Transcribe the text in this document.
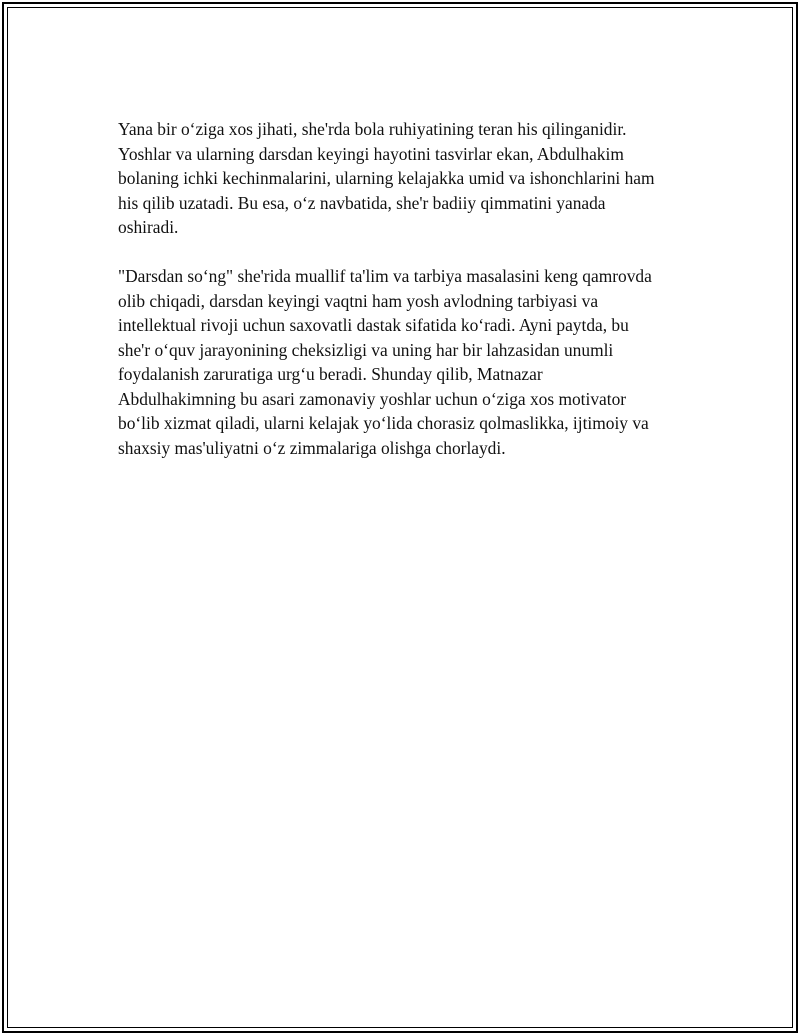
Yana bir o‘ziga xos jihati, she'rda bola ruhiyatining teran his qilinganidir.
Yoshlar va ularning darsdan keyingi hayotini tasvirlar ekan, Abdulhakim
bolaning ichki kechinmalarini, ularning kelajakka umid va ishonchlarini ham
his qilib uzatadi. Bu esa, o‘z navbatida, she'r badiiy qimmatini yanada
oshiradi.

"Darsdan so‘ng" she'rida muallif ta'lim va tarbiya masalasini keng qamrovda
olib chiqadi, darsdan keyingi vaqtni ham yosh avlodning tarbiyasi va
intellektual rivoji uchun saxovatli dastak sifatida ko‘radi. Ayni paytda, bu
she'r o‘quv jarayonining cheksizligi va uning har bir lahzasidan unumli
foydalanish zaruratiga urg‘u beradi. Shunday qilib, Matnazar
Abdulhakimning bu asari zamonaviy yoshlar uchun o‘ziga xos motivator
bo‘lib xizmat qiladi, ularni kelajak yo‘lida chorasiz qolmaslikka, ijtimoiy va
shaxsiy mas'uliyatni o‘z zimmalariga olishga chorlaydi.
